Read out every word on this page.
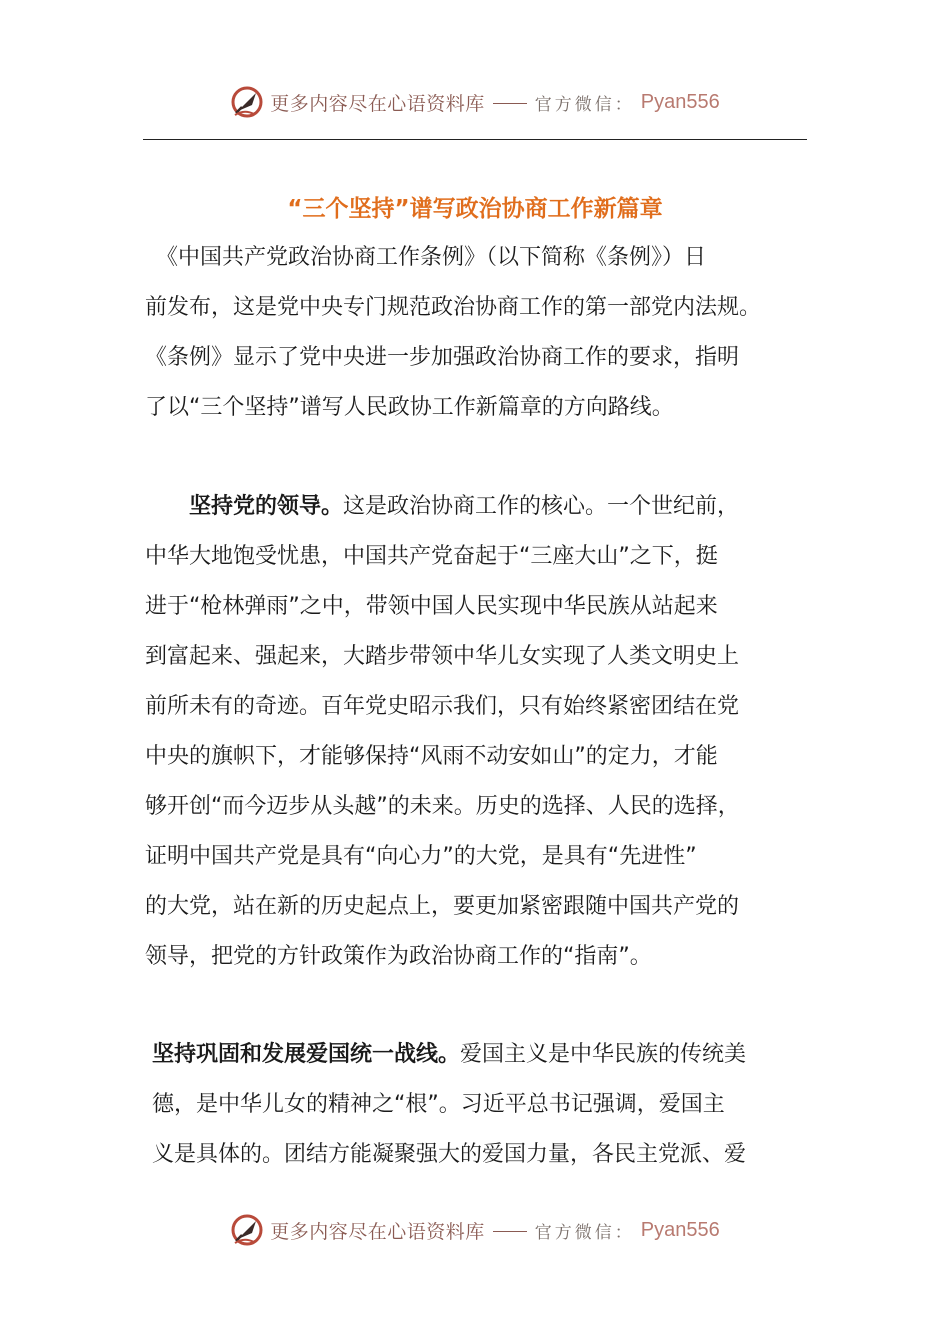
更多内容尽在心语资料库	官方微信： Pyan556
“三个坚持”谱写政治协商工作新篇章
　《中国共产党政治协商工作条例》（以下简称《条例》）日
前发布，这是党中央专门规范政治协商工作的第一部党内法规。
《条例》显示了党中央进一步加强政治协商工作的要求，指明
了以“三个坚持”谱写人民政协工作新篇章的方向路线。
　　坚持党的领导。这是政治协商工作的核心。一个世纪前，
中华大地饱受忧患，中国共产党奋起于“三座大山”之下，挺
进于“枪林弹雨”之中，带领中国人民实现中华民族从站起来
到富起来、强起来，大踏步带领中华儿女实现了人类文明史上
前所未有的奇迹。百年党史昭示我们，只有始终紧密团结在党
中央的旗帜下，才能够保持“风雨不动安如山”的定力，才能
够开创“而今迈步从头越”的未来。历史的选择、人民的选择，
证明中国共产党是具有“向心力”的大党，是具有“先进性”
的大党，站在新的历史起点上，要更加紧密跟随中国共产党的
领导，把党的方针政策作为政治协商工作的“指南”。
坚持巩固和发展爱国统一战线。爱国主义是中华民族的传统美
德，是中华儿女的精神之“根”。习近平总书记强调，爱国主
义是具体的。团结方能凝聚强大的爱国力量，各民主党派、爱
更多内容尽在心语资料库	官方微信： Pyan556
